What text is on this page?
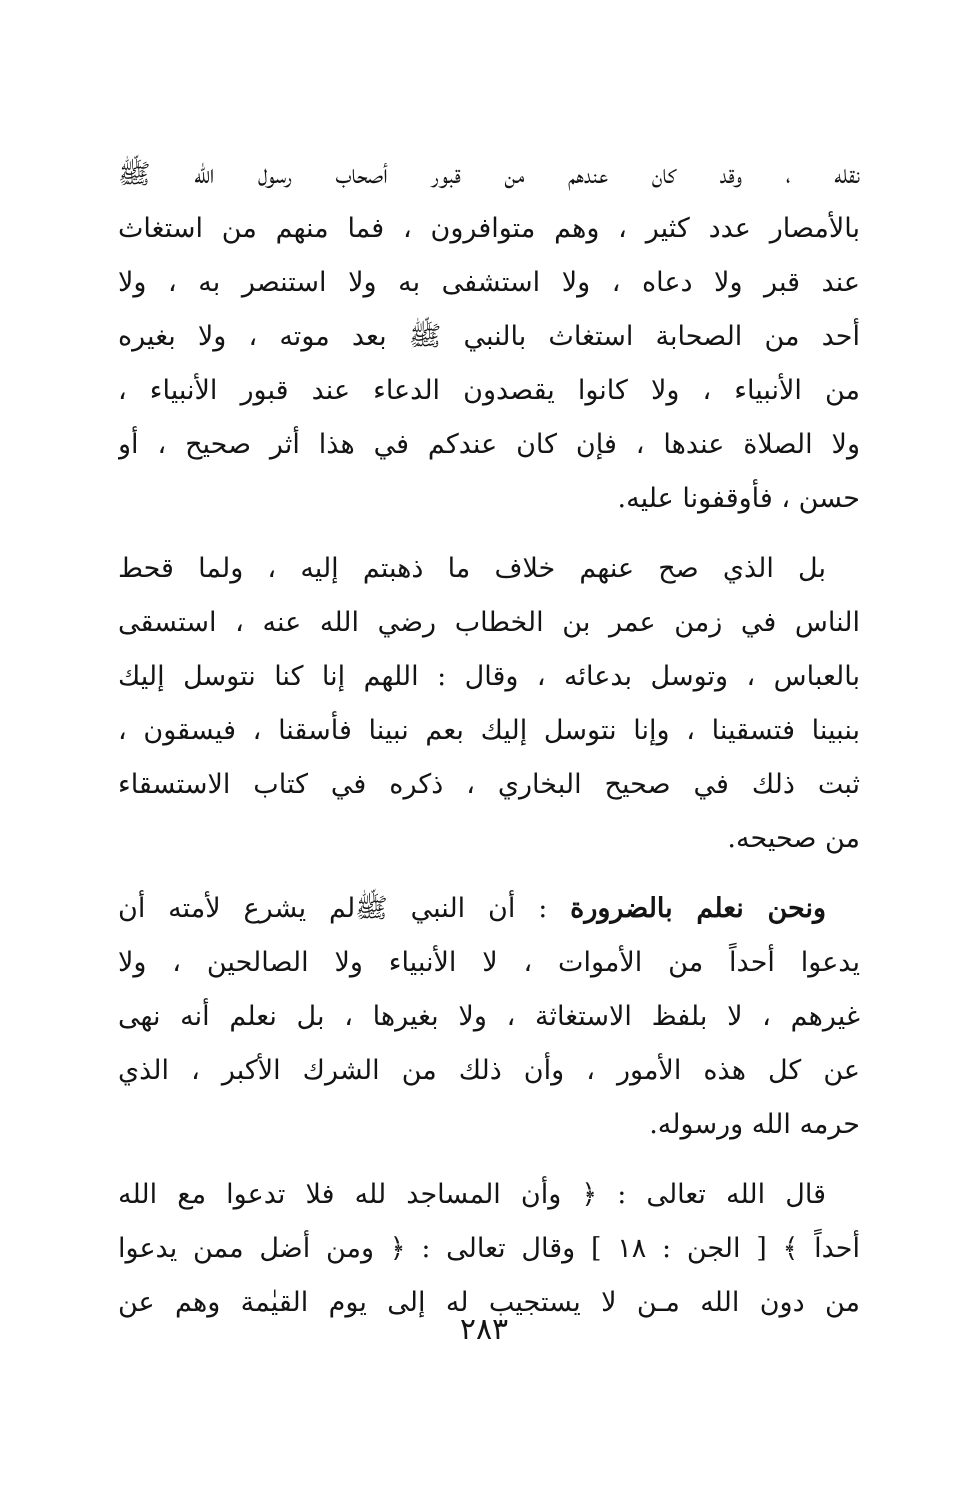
نقله ، وقد كان عندهم من قبور أصحاب رسول الله ﷺ
بالأمصار عدد كثير ، وهم متوافرون ، فما منهم من استغاث
عند قبر ولا دعاه ، ولا استشفى به ولا استنصر به ، ولا
أحد من الصحابة استغاث بالنبي ﷺ بعد موته ، ولا بغيره
من الأنبياء ، ولا كانوا يقصدون الدعاء عند قبور الأنبياء ،
ولا الصلاة عندها ، فإن كان عندكم في هذا أثر صحيح ، أو
حسن ، فأوقفونا عليه.
بل الذي صح عنهم خلاف ما ذهبتم إليه ، ولما قحط
الناس في زمن عمر بن الخطاب رضي الله عنه ، استسقى
بالعباس ، وتوسل بدعائه ، وقال : اللهم إنا كنا نتوسل إليك
بنبينا فتسقينا ، وإنا نتوسل إليك بعم نبينا فأسقنا ، فيسقون ،
ثبت ذلك في صحيح البخاري ، ذكره في كتاب الاستسقاء
من صحيحه.
ونحن نعلم بالضرورة : أن النبي ﷺلم يشرع لأمته أن
يدعوا أحداً من الأموات ، لا الأنبياء ولا الصالحين ، ولا
غيرهم ، لا بلفظ الاستغاثة ، ولا بغيرها ، بل نعلم أنه نهى
عن كل هذه الأمور ، وأن ذلك من الشرك الأكبر ، الذي
حرمه الله ورسوله.
قال الله تعالى : ﴿ وأن المساجد لله فلا تدعوا مع الله
أحداً ﴾ [ الجن : ١٨ ] وقال تعالى : ﴿ ومن أضل ممن يدعوا
من دون الله مـن لا يستجيب له إلى يوم القيٰمة وهم عن
٢٨٣
